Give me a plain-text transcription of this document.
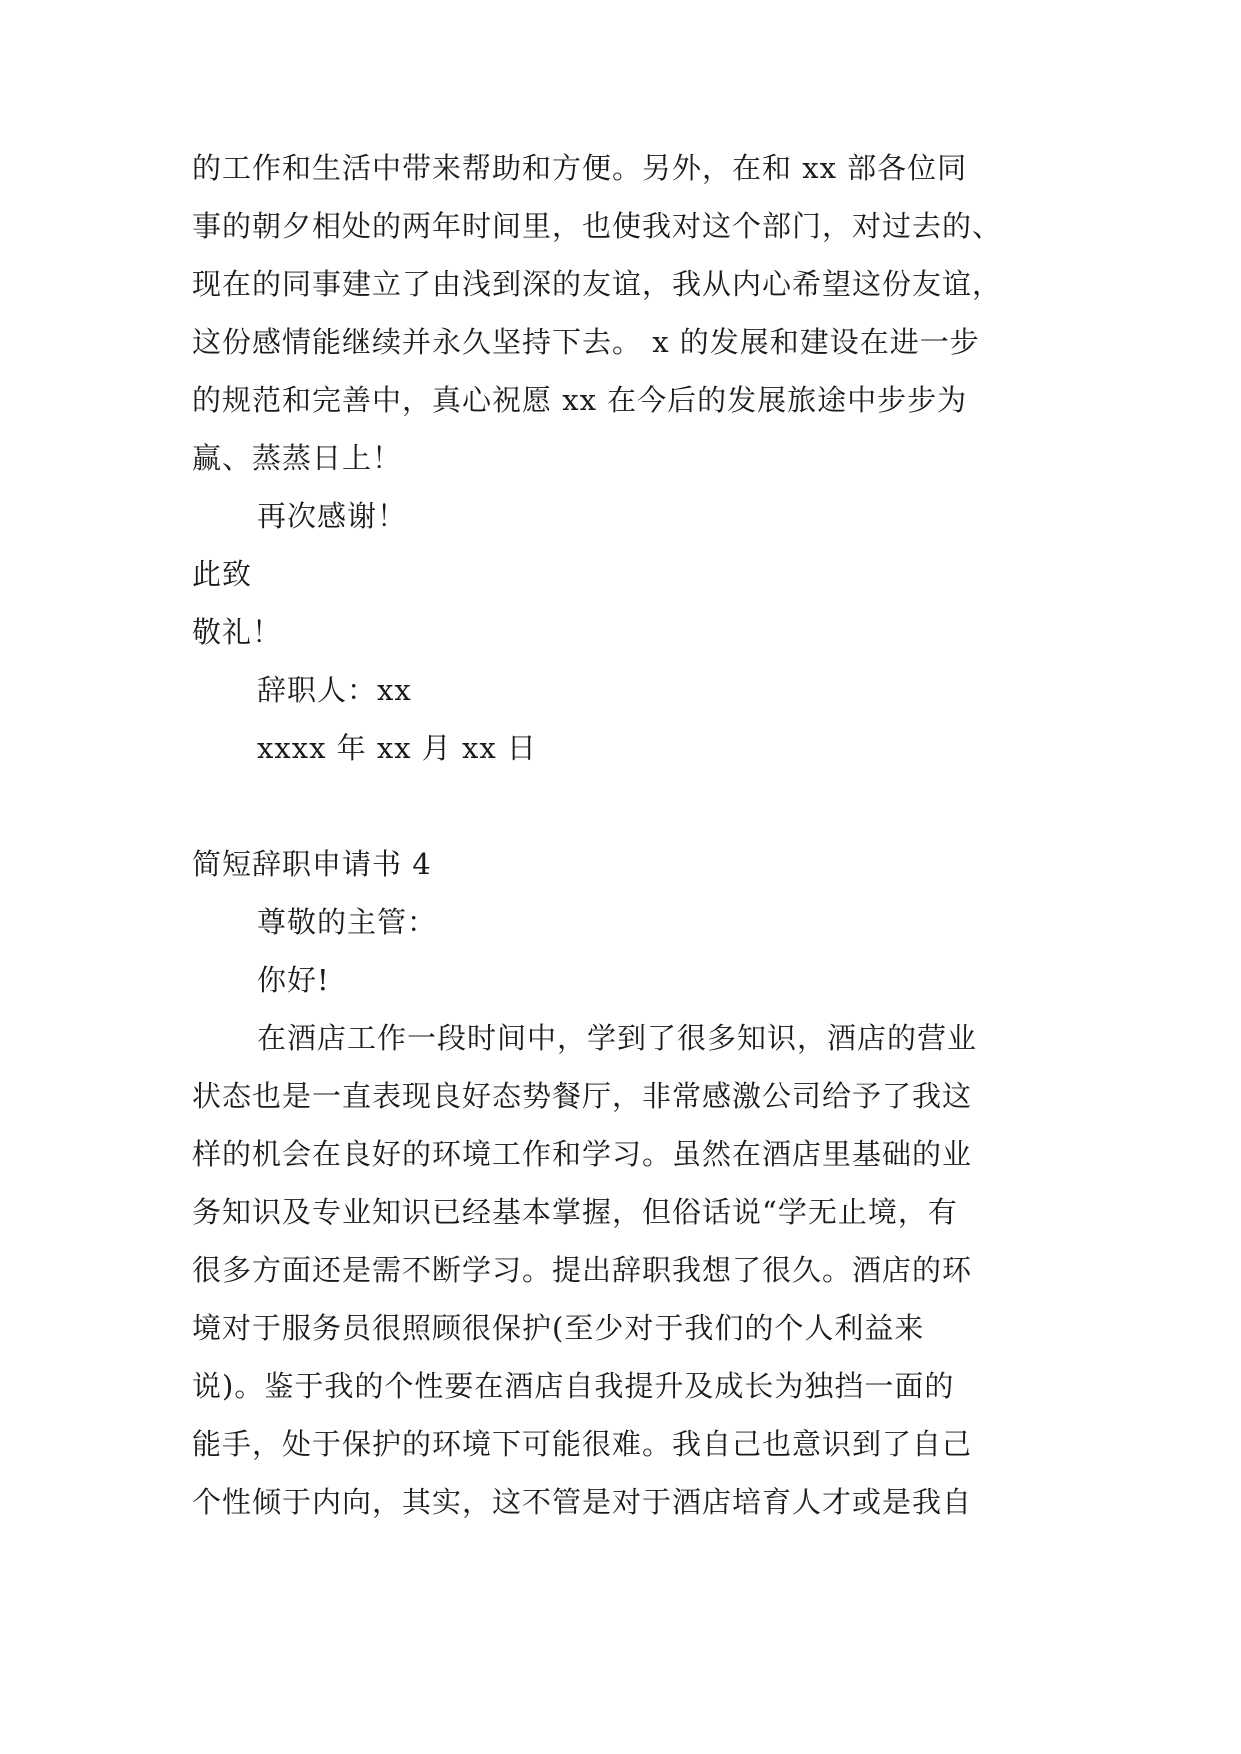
的工作和生活中带来帮助和方便。另外，在和 xx 部各位同
事的朝夕相处的两年时间里，也使我对这个部门，对过去的、
现在的同事建立了由浅到深的友谊，我从内心希望这份友谊，
这份感情能继续并永久坚持下去。 x 的发展和建设在进一步
的规范和完善中，真心祝愿 xx 在今后的发展旅途中步步为
赢、蒸蒸日上！
再次感谢！
此致
敬礼！
辞职人：xx
xxxx 年 xx 月 xx 日
简短辞职申请书 4
尊敬的主管：
你好!
在酒店工作一段时间中，学到了很多知识，酒店的营业
状态也是一直表现良好态势餐厅，非常感激公司给予了我这
样的机会在良好的环境工作和学习。虽然在酒店里基础的业
务知识及专业知识已经基本掌握，但俗话说“学无止境，有
很多方面还是需不断学习。提出辞职我想了很久。酒店的环
境对于服务员很照顾很保护(至少对于我们的个人利益来
说)。鉴于我的个性要在酒店自我提升及成长为独挡一面的
能手，处于保护的环境下可能很难。我自己也意识到了自己
个性倾于内向，其实，这不管是对于酒店培育人才或是我自
